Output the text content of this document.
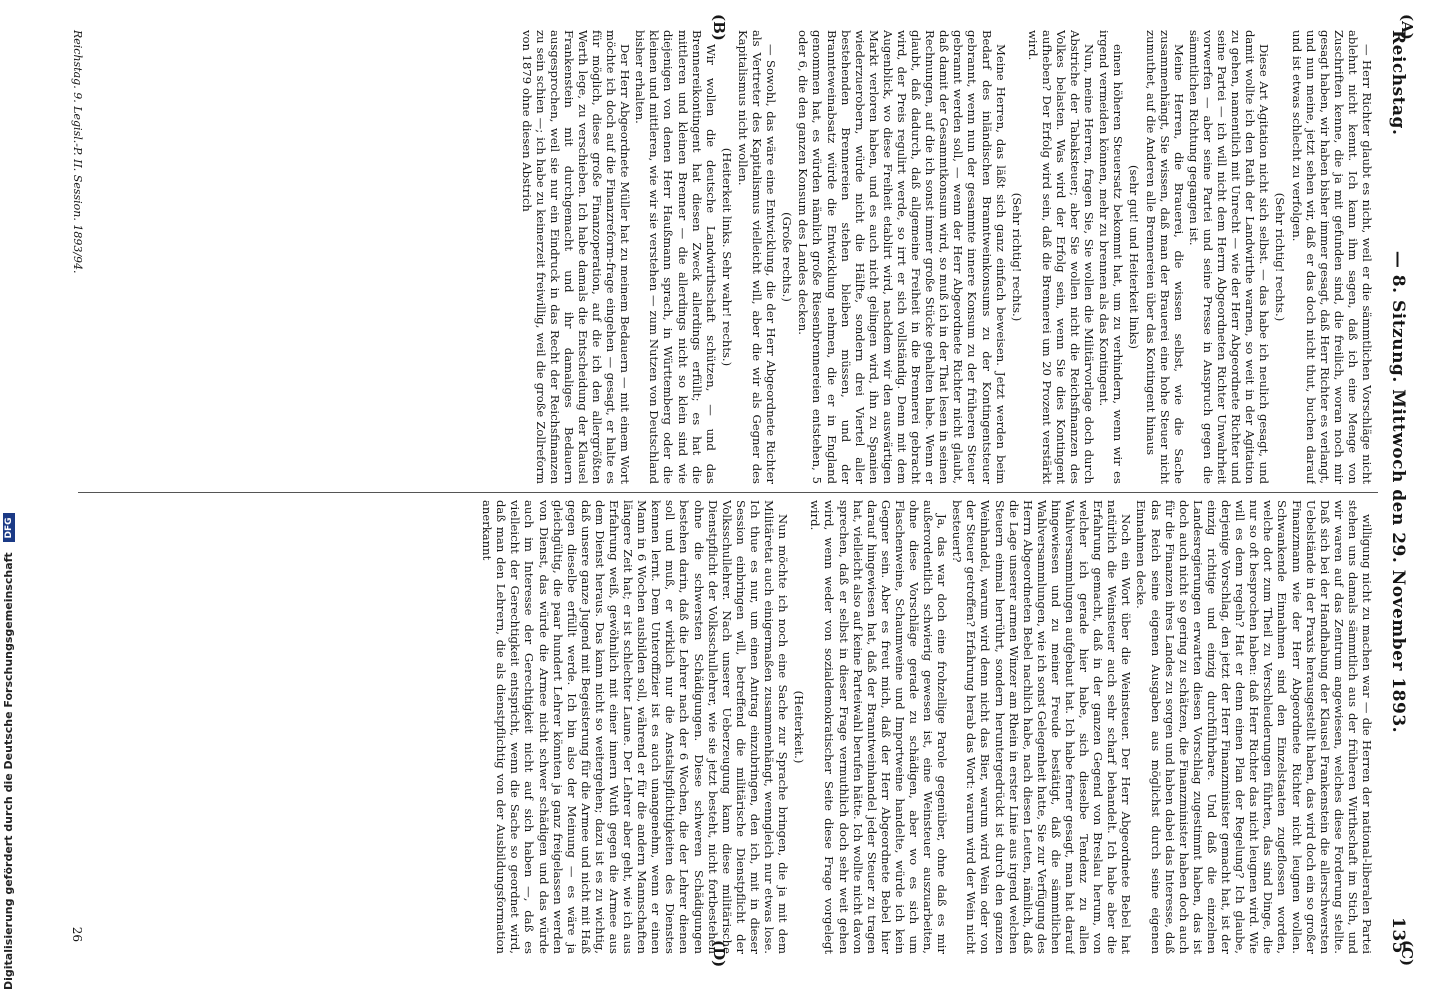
Digitalisierung gefördert durch die Deutsche Forschungsgemeinschaft DFG
Reichstag.
— 8. Sitzung. Mittwoch den 29. November 1893.
135
(A)
(B)
(C)
(D)

— Herr Richter glaubt es nicht, weil er die sämmtlichen Vorschläge nicht ablehnt nicht kennt. Ich kann ihm sagen, daß ich eine Menge von Zuschriften kenne, die ja mit gefunden sind, die freilich, woran noch mir gesagt haben, wir haben bisher immer gesagt, daß Herr Richter es verlangt, und nun meine, jetzt sehen wir, daß er das doch nicht thut, buchen darauf und ist etwas schlecht zu verfolgen.

(Sehr richtig! rechts.)

Diese Art Agitation nicht sich selbst. — das habe ich neulich gesagt, und damit wollte ich den Rath der Landwirthe warnen, so weit in der Agitation zu gehen, namentlich mit Unrecht — wie der Herr Abgeordnete Richter und seine Partei — ich will nicht dem Herrn Abgeordneten Richter Unwahrheit vorwerfen — aber seine Partei und seine Presse in Anspruch gegen die sämmtlichen Richtung gegangen ist.

Meine Herren, die Brauerei, die wissen selbst, wie die Sache zusammenhängt, Sie wissen, daß man der Brauerei eine hohe Steuer nicht zumuthet, auf die Anderen alle Brennereien über das Kontingent hinaus

(sehr gut! und Heiterkeit links)

einen höheren Steuersatz bekommt hat, um zu verhindern, wenn wir es irgend vermeiden können, mehr zu brennen als das Kontingent.

Nun, meine Herren, fragen Sie, Sie wollen die Militärvorlage doch durch Abstriche der Tabaksteuer; aber Sie wollen nicht die Reichsfinanzen des Volkes belasten. Was wird der Erfolg sein, wenn Sie dies Kontingent aufheben? Der Erfolg wird sein, daß die Brennerei um 20 Prozent verstärkt wird.

(Sehr richtig! rechts.)

Meine Herren, das läßt sich ganz einfach beweisen. Jetzt werden beim Bedarf des inländischen Branntweinkonsums zu der Kontingentsteuer gebrannt, wenn nun der gesammte innere Konsum zu der früheren Steuer gebrannt werden soll, — wenn der Herr Abgeordnete Richter nicht glaubt, daß damit der Gesammtkonsum wird, so muß ich in der That lesen in seinen Rechnungen, auf die ich sonst immer große Stücke gehalten habe. Wenn er glaubt, daß dadurch, daß allgemeine Freiheit in die Brennerei gebracht wird, der Preis regulirt werde, so irrt er sich vollständig. Denn mit dem Augenblick, wo diese Freiheit etablirt wird, nachdem wir den auswärtigen Markt verloren haben, und es auch nicht gelingen wird, ihn zu Spanien wiederzuerobern, würde nicht die Hälfte, sondern drei Viertel aller bestehenden Brennereien stehen bleiben müssen, und der Brannteweinabsatz würde die Entwicklung nehmen, die er in England genommen hat, es würden nämlich große Riesenbrennereien entstehen, 5 oder 6, die den ganzen Konsum des Landes decken.

(Große rechts.)

— Sowohl, das wäre eine Entwicklung, die der Herr Abgeordnete Richter als Vertreter des Kapitalismus vielleicht will, aber die wir als Gegner des Kapitalismus nicht wollen.

(Heiterkeit links. Sehr wahr! rechts.)

Wir wollen die deutsche Landwirthschaft schützen, — und das Brennereikontingent hat diesen Zweck allerdings erfüllt; es hat die mittleren und kleinen Brenner — die allerdings nicht so klein sind wie diejenigen von denen Herr Haußmann sprach, in Württemberg oder die kleinen und mittleren, wie wir sie verstehen — zum Nutzen von Deutschland bisher erhalten.

Der Herr Abgeordnete Müller hat zu meinem Bedauern — mit einem Wort möchte ich doch auf die Finanzreform-frage eingehen — gesagt, er halte es für möglich, diese große Finanzoperation, auf die ich den allergrößten Werth lege, zu verschieben. Ich habe damals die Entscheidung der Klausel Frankenstein mit durchgemacht und ihr damaliges Bedauern ausgesprochen, weil sie nur ein Eindruck in das Recht der Reichsfinanzen zu sein schien —; ich habe zu keinerzeit freiwillig, weil die große Zollreform von 1879 ohne diesen Abstrich

willigung nicht zu machen war — die Herren der national-liberalen Partei stehen uns damals sämmtlich aus der früheren Wirthschaft im Stich, und wir waren auf das Zentrum angewiesen, welches diese Forderung stellte. Daß sich bei der Handhabung der Klausel Frankenstein die allerschwersten Uebelstände in der Praxis herausgestellt haben, das wird doch ein so großer Finanzmann wie der Herr Abgeordnete Richter nicht leugnen wollen. Schwankende Einnahmen sind den Einzelstaaten zugeflossen worden, welche dort zum Theil zu Verschleuderungen führten, das sind Dinge, die nur so oft besprochen haben: daß Herr Richter das nicht leugnen wird. Wie will es denn regeln? Hat er denn einen Plan der Regelung? Ich glaube, derjenige Vorschlag, den jetzt der Herr Finanzminister gemacht hat, ist der einzig richtige und einzig durchführbare. Und daß die einzelnen Landesregierungen erwarten diesen Vorschlag zugestimmt haben, das ist doch auch nicht so gering zu schätzen, die Finanzminister haben doch auch für die Finanzen ihres Landes zu sorgen und haben dabei das Interesse, daß das Reich seine eigenen Ausgaben aus möglichst durch seine eigenen Einnahmen decke.

Noch ein Wort über die Weinsteuer. Der Herr Abgeordnete Bebel hat natürlich die Weinsteuer auch sehr scharf behandelt. Ich habe aber die Erfahrung gemacht, daß in der ganzen Gegend von Breslau herum, von welcher ich gerade hier habe, sich dieselbe Tendenz zu allen Wahlversammlungen aufgebaut hat. Ich habe ferner gesagt, man hat darauf hingewiesen und zu meiner Freude bestätigt, daß die sämmtlichen Wahlversammlungen, wie ich sonst Gelegenheit hatte, Sie zur Verfügung des Herrn Abgeordneten Bebel nachlich habe, nach diesen Leuten, nämlich, daß die Lage unserer armen Winzer am Rhein in erster Linie aus irgend welchen Steuern einmal herrührt, sondern heruntergedrückt ist durch den ganzen Weinhandel, warum wird denn nicht das Bier, warum wird Wein oder von der Steuer getroffen? Erfahrung herab das Wort: warum wird der Wein nicht besteuert?

Ja, das war doch eine frohzellige Parole gegenüber, ohne daß es mir außerordentlich schwierig gewesen ist, eine Weinsteuer auszuarbeiten, ohne diese Vorschläge gerade zu schädigen, aber wo es sich um Flaschenweine, Schaumweine und Importweine handelte, würde ich kein Gegner sein. Aber es freut mich, daß der Herr Abgeordnete Bebel hier darauf hingewiesen hat, daß der Branntweinhandel jeder Steuer zu tragen hat, vielleicht also auf keine Parteiwahl berufen hätte. Ich wollte nicht davon sprechen, daß er selbst in dieser Frage vermuthlich doch sehr weit gehen wird, wenn weder von sozialdemokratischer Seite diese Frage vorgelegt wird.

(Heiterkeit.)

Nun möchte ich noch eine Sache zur Sprache bringen, die ja mit dem Militäretat auch einigermaßen zusammenhängt, wenngleich nur etwas lose. Ich thue es nur, um einen Antrag einzubringen, den ich, mit in dieser Session einbringen will, betreffend die militärische Dienstpflicht der Volksschullehrer. Nach unserer Ueberzeugung kann diese militärische Dienstpflicht der Volksschullehrer, wie sie jetzt besteht, nicht fortbestehen ohne die schwersten Schädigungen. Diese schweren Schädigungen bestehen darin, daß die Lehrer nach der 6 Wochen, die der Lehrer dienen soll und muß, er wirklich nur die Anstaltspflichtigkeiten des Dienstes kennen lernt. Dem Unteroffizier ist es auch unangenehm, wenn er einen Mann in 6 Wochen ausbilden soll, während er für die andern Mannschaften längere Zeit hat; er ist schlechter Laune. Der Lehrer aber geht, wie ich aus Erfahrung weiß, gewöhnlich mit einer innern Wuth gegen die Armee aus dem Dienst heraus. Das kann nicht so weitergehen; dazu ist es zu wichtig, daß unsere ganze Jugend mit Begeisterung für die Armee und nicht mit Haß gegen dieselbe erfüllt werde. Ich bin also der Meinung — es wäre ja gleichgültig, die paar hundert Lehrer könnten ja ganz freigelassen werden von Dienst, das würde die Armee nicht schwer schädigen und das würde auch im Interesse der Gerechtigkeit nicht auf sich haben —, daß es vielleicht der Gerechtigkeit entspricht, wenn die Sache so geordnet wird, daß man den Lehrern, die als dienstpflichtig von der Ausbildungsformation anerkannt

Reichstag. 9. Legisl.-P. II. Session. 1893/94.
26
